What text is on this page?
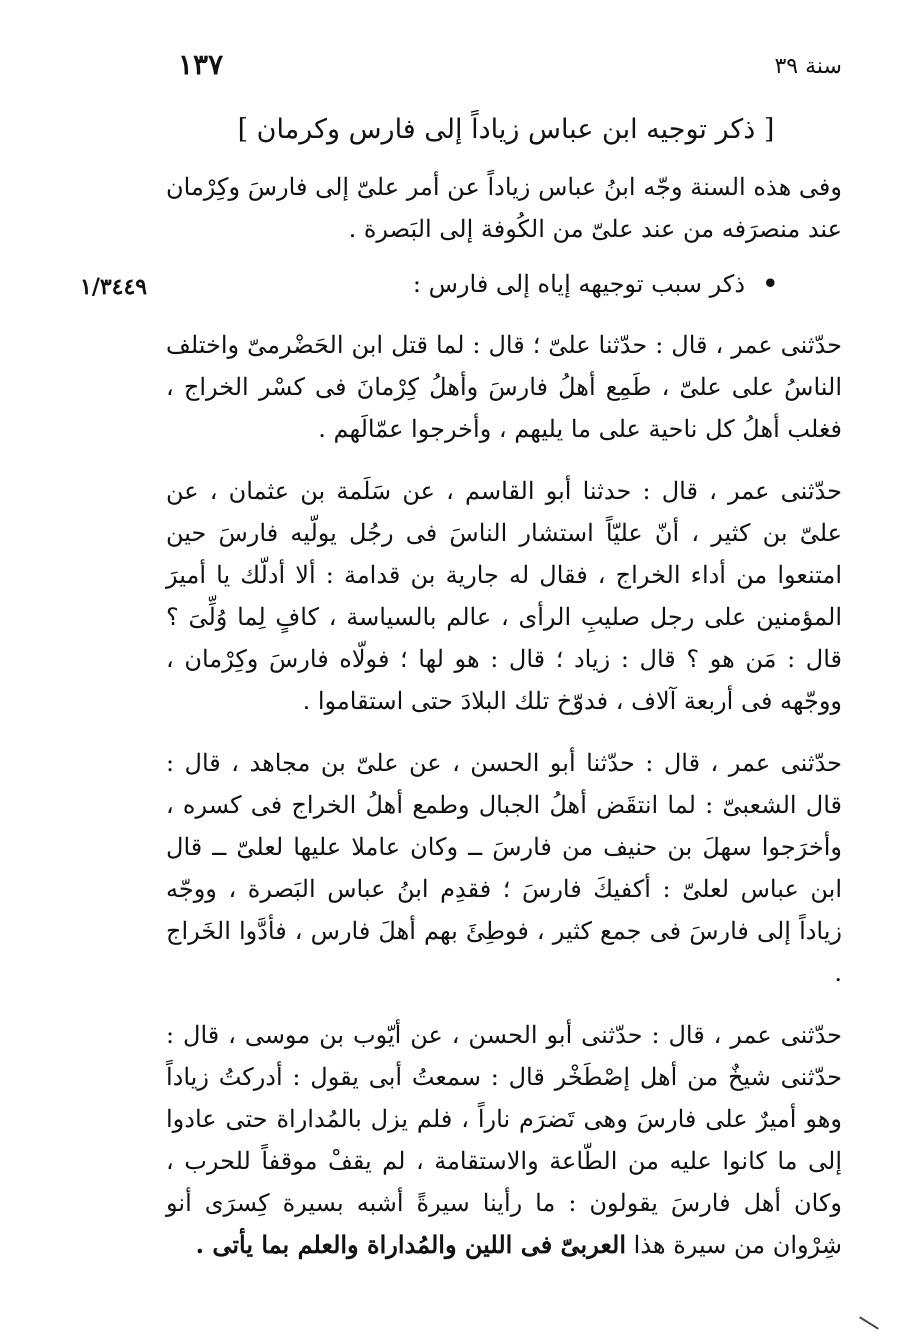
١٣٧	سنة ٣٩
[ ذكر توجيه ابن عباس زياداً إلى فارس وكرمان ]
١/٣٤٤٩

وفى هذه السنة وجّه ابنُ عباس زياداً عن أمر علىّ إلى فارسَ وكِرْمان عند منصرَفه من عند علىّ من الكُوفة إلى البَصرة .

• ذكر سبب توجيهه إياه إلى فارس :

حدّثنى عمر ، قال : حدّثنا علىّ ؛ قال : لما قتل ابن الحَضْرمىّ واختلف الناسُ على علىّ ، طَمِع أهلُ فارسَ وأهلُ كِرْمانَ فى كسْر الخراج ، فغلب أهلُ كل ناحية على ما يليهم ، وأخرجوا عمّالَهم .

حدّثنى عمر ، قال : حدثنا أبو القاسم ، عن سَلَمة بن عثمان ، عن علىّ بن كثير ، أنّ عليّاً استشار الناسَ فى رجُل يولّيه فارسَ حين امتنعوا من أداء الخراج ، فقال له جارية بن قدامة : ألا أدلّك يا أميرَ المؤمنين على رجل صليبِ الرأى ، عالم بالسياسة ، كافٍ لِما وُلِّىَ ؟ قال : مَن هو ؟ قال : زياد ؛ قال : هو لها ؛ فولّاه فارسَ وكِرْمان ، ووجّهه فى أربعة آلاف ، فدوّخ تلك البلادَ حتى استقاموا .

حدّثنى عمر ، قال : حدّثنا أبو الحسن ، عن علىّ بن مجاهد ، قال : قال الشعبىّ : لما انتقَض أهلُ الجبال وطمع أهلُ الخراج فى كسره ، وأخرَجوا سهلَ بن حنيف من فارسَ ــ وكان عاملا عليها لعلىّ ــ قال ابن عباس لعلىّ : أكفيكَ فارسَ ؛ فقدِم ابنُ عباس البَصرة ، ووجّه زياداً إلى فارسَ فى جمع كثير ، فوطِئَ بهم أهلَ فارس ، فأدَّوا الخَراج .

حدّثنى عمر ، قال : حدّثنى أبو الحسن ، عن أيّوب بن موسى ، قال : حدّثنى شيخٌ من أهل إصْطَخْر قال : سمعتُ أبى يقول : أدركتُ زياداً وهو أميرٌ على فارسَ وهى تَضرَم ناراً ، فلم يزل بالمُداراة حتى عادوا إلى ما كانوا عليه من الطّاعة والاستقامة ، لم يقفْ موقفاً للحرب ، وكان أهل فارسَ يقولون : ما رأينا سيرةً أشبه بسيرة كِسرَى أنو شِرْوان من سيرة هذا العربىّ فى اللين والمُداراة والعلم بما يأتى .
